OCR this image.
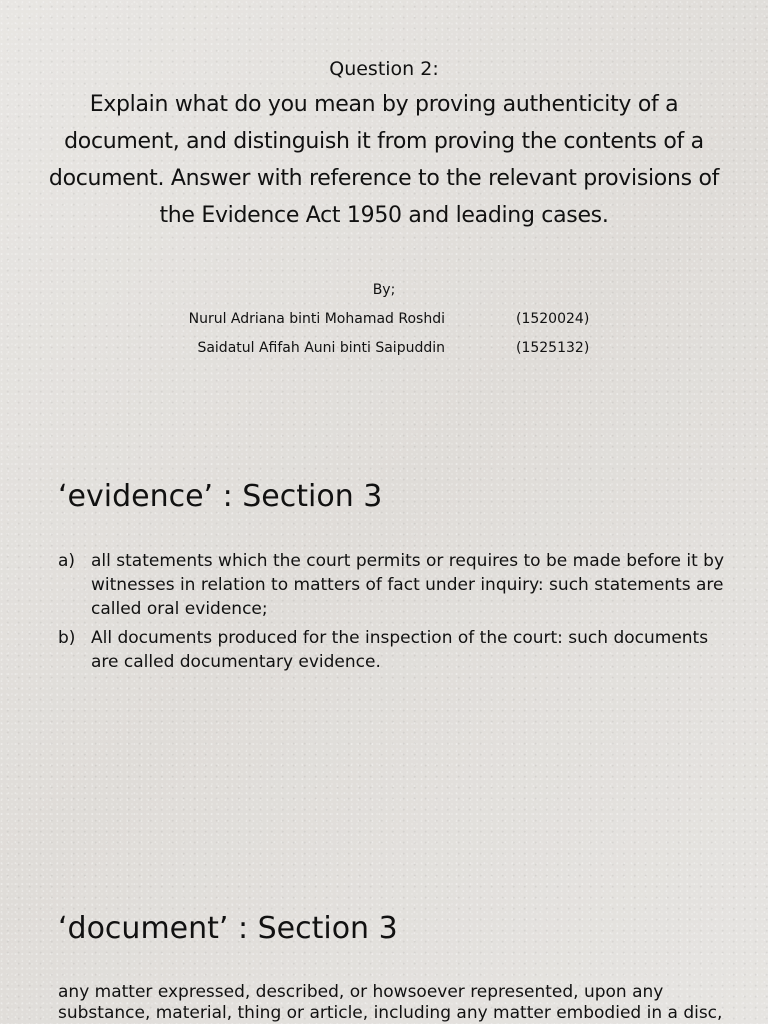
Question 2:
Explain what do you mean by proving authenticity of a document, and distinguish it from proving the contents of a document. Answer with reference to the relevant provisions of the Evidence Act 1950 and leading cases.
By;
Nurul Adriana binti Mohamad Roshdi	(1520024)
Saidatul Afifah Auni binti Saipuddin	(1525132)
‘evidence’ : Section 3
a) all statements which the court permits or requires to be made before it by witnesses in relation to matters of fact under inquiry: such statements are called oral evidence;
b) All documents produced for the inspection of the court: such documents are called documentary evidence.
‘document’ : Section 3

any matter expressed, described, or howsoever represented, upon any substance, material, thing or article, including any matter embodied in a disc,
